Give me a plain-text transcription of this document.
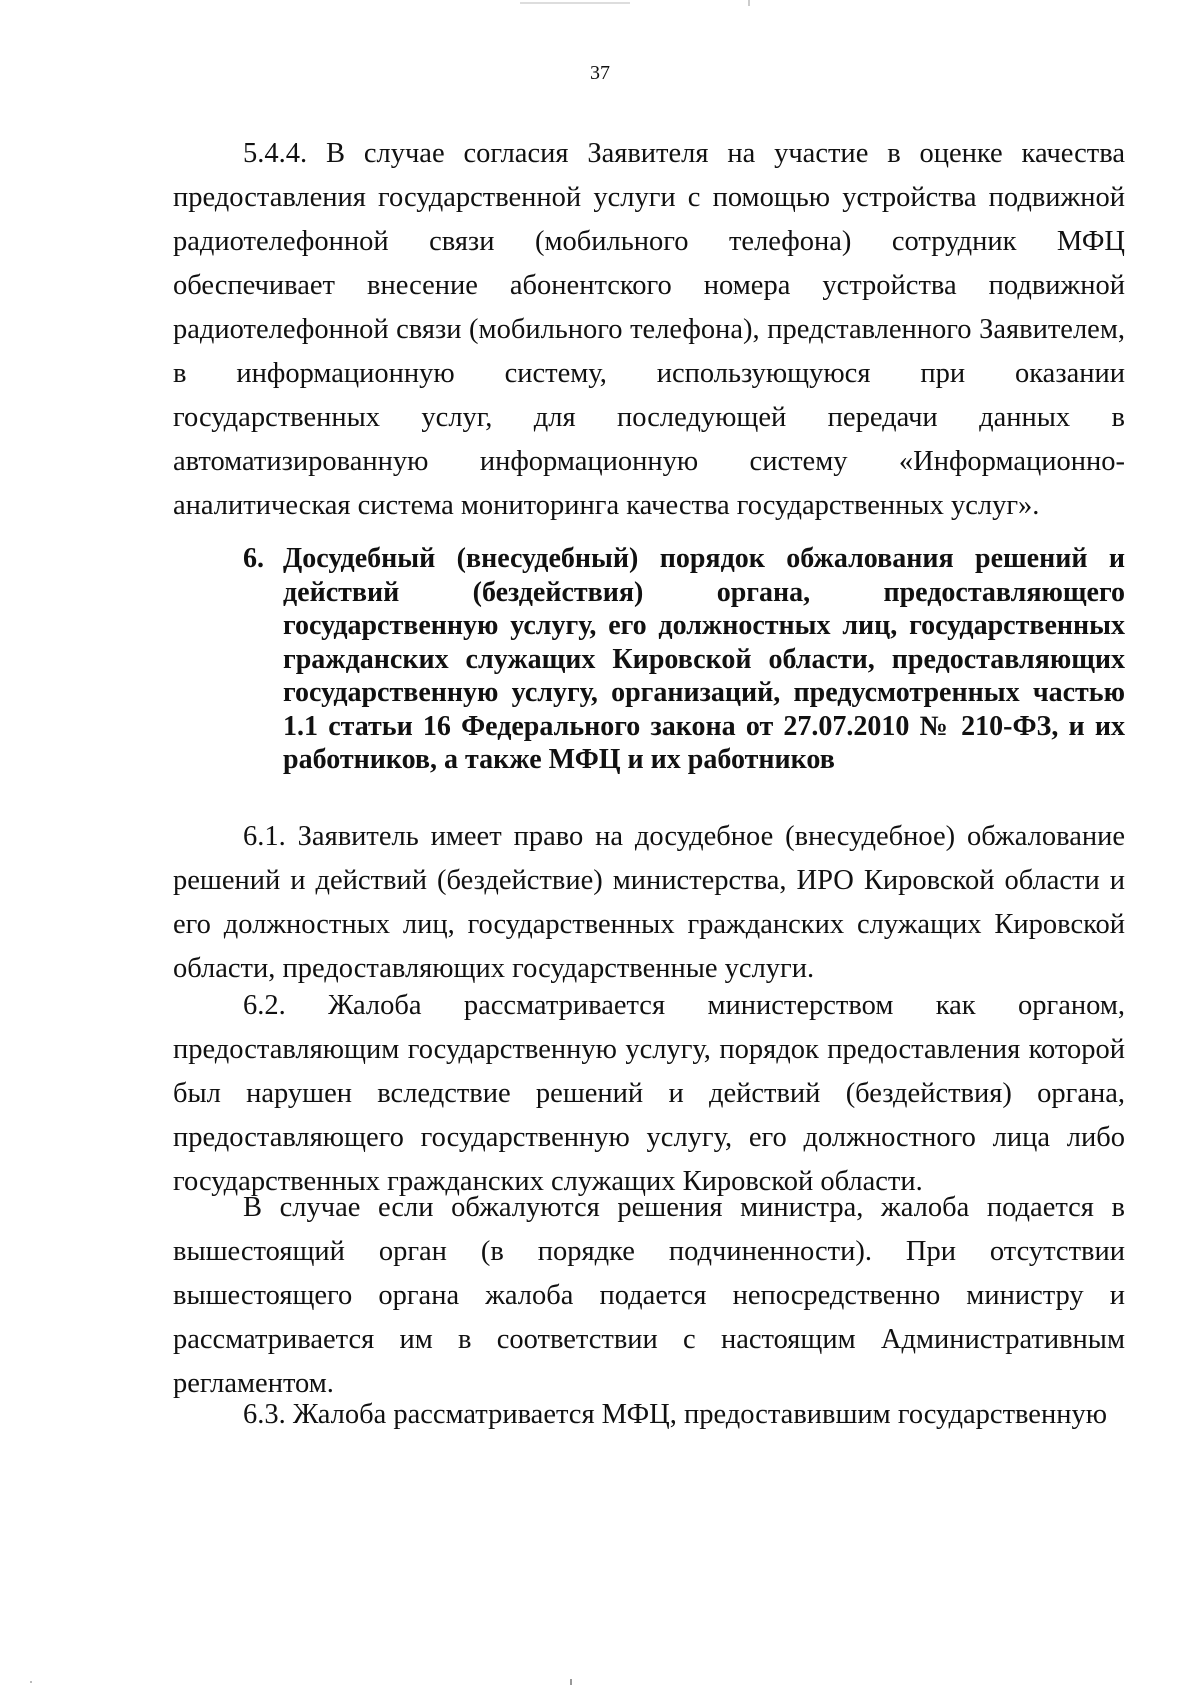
37

5.4.4. В случае согласия Заявителя на участие в оценке качества предоставления государственной услуги с помощью устройства подвижной радиотелефонной связи (мобильного телефона) сотрудник МФЦ обеспечивает внесение абонентского номера устройства подвижной радиотелефонной связи (мобильного телефона), представленного Заявителем, в информационную систему, использующуюся при оказании государственных услуг, для последующей передачи данных в автоматизированную информационную систему «Информационно-аналитическая система мониторинга качества государственных услуг».

6. Досудебный (внесудебный) порядок обжалования решений и действий (бездействия) органа, предоставляющего государственную услугу, его должностных лиц, государственных гражданских служащих Кировской области, предоставляющих государственную услугу, организаций, предусмотренных частью 1.1 статьи 16 Федерального закона от 27.07.2010 № 210-ФЗ, и их работников, а также МФЦ и их работников

6.1. Заявитель имеет право на досудебное (внесудебное) обжалование решений и действий (бездействие) министерства, ИРО Кировской области и его должностных лиц, государственных гражданских служащих Кировской области, предоставляющих государственные услуги.

6.2. Жалоба рассматривается министерством как органом, предоставляющим государственную услугу, порядок предоставления которой был нарушен вследствие решений и действий (бездействия) органа, предоставляющего государственную услугу, его должностного лица либо государственных гражданских служащих Кировской области.

В случае если обжалуются решения министра, жалоба подается в вышестоящий орган (в порядке подчиненности). При отсутствии вышестоящего органа жалоба подается непосредственно министру и рассматривается им в соответствии с настоящим Административным регламентом.

6.3. Жалоба рассматривается МФЦ, предоставившим государственную
